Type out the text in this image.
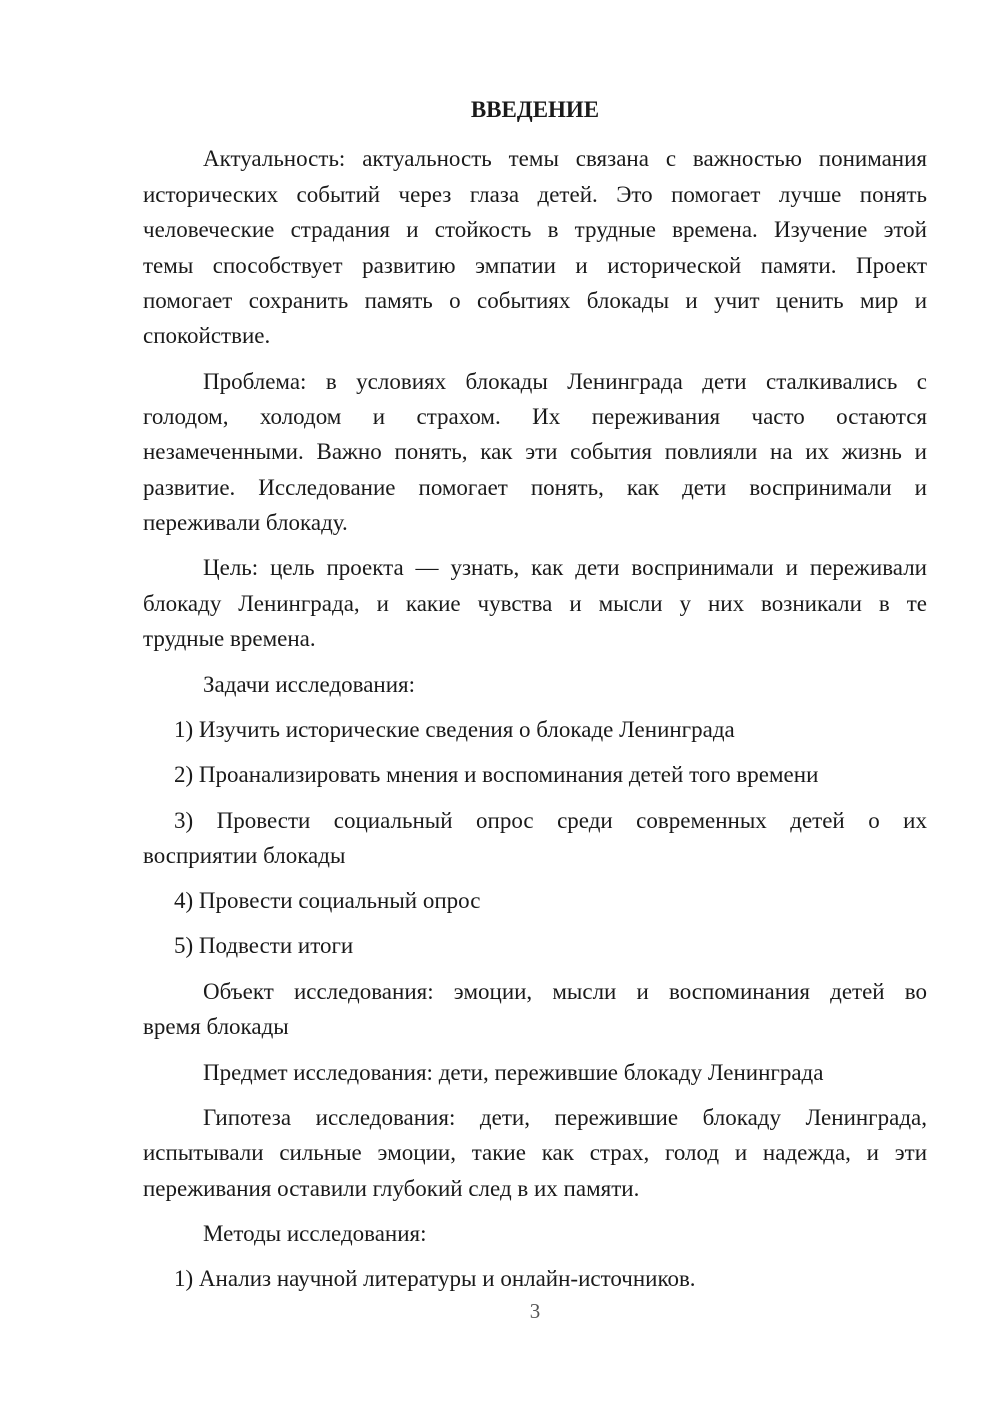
ВВЕДЕНИЕ
Актуальность: актуальность темы связана с важностью понимания
исторических событий через глаза детей. Это помогает лучше понять
человеческие страдания и стойкость в трудные времена. Изучение этой
темы способствует развитию эмпатии и исторической памяти. Проект
помогает сохранить память о событиях блокады и учит ценить мир и
спокойствие.
Проблема: в условиях блокады Ленинграда дети сталкивались с
голодом, холодом и страхом. Их переживания часто остаются
незамеченными. Важно понять, как эти события повлияли на их жизнь и
развитие. Исследование помогает понять, как дети воспринимали и
переживали блокаду.
Цель: цель проекта — узнать, как дети воспринимали и переживали
блокаду Ленинграда, и какие чувства и мысли у них возникали в те
трудные времена.
Задачи исследования:
1) Изучить исторические сведения о блокаде Ленинграда
2) Проанализировать мнения и воспоминания детей того времени
3) Провести социальный опрос среди современных детей о их
восприятии блокады
4) Провести социальный опрос
5) Подвести итоги
Объект исследования: эмоции, мысли и воспоминания детей во
время блокады
Предмет исследования: дети, пережившие блокаду Ленинграда
Гипотеза исследования: дети, пережившие блокаду Ленинграда,
испытывали сильные эмоции, такие как страх, голод и надежда, и эти
переживания оставили глубокий след в их памяти.
Методы исследования:
1) Анализ научной литературы и онлайн-источников.
3
